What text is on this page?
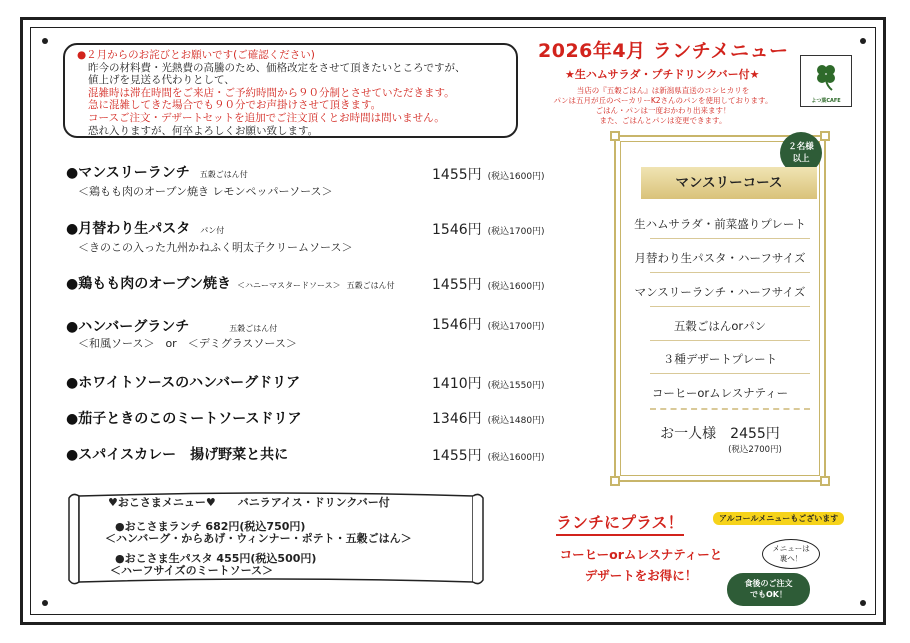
●２月からのお詫びとお願いです(ご確認ください)
昨今の材料費・光熱費の高騰のため、価格改定をさせて頂きたいところですが、
値上げを見送る代わりとして、
混雑時は滞在時間をご来店・ご予約時間から９０分制とさせていただきます。
急に混雑してきた場合でも９０分でお声掛けさせて頂きます。
コースご注文・デザートセットを追加でご注文頂くとお時間は問いません。
恐れ入りますが、何卒よろしくお願い致します。
2026年4月 ランチメニュー
★生ハムサラダ・プチドリンクバー付★
当店の『五穀ごはん』は新潟県直送のコシヒカリを
パンは五月が丘のベーカリーK2さんのパンを使用しております。
ごはん・パンは一度おかわり出来ます！
また、ごはんとパンは変更できます。
よつ葉CAFE
●マンスリーランチ 五穀ごはん付
＜鶏もも肉のオーブン焼き レモンペッパーソース＞
1455円 (税込1600円)
●月替わり生パスタ パン付
＜きのこの入った九州かねふく明太子クリームソース＞
1546円 (税込1700円)
●鶏もも肉のオーブン焼き ＜ハニーマスタードソース＞ 五穀ごはん付	1455円 (税込1600円)
●ハンバーグランチ	五穀ごはん付
＜和風ソース＞　or　＜デミグラスソース＞
1546円 (税込1700円)
●ホワイトソースのハンバーグドリア	1410円 (税込1550円)
●茄子ときのこのミートソースドリア	1346円 (税込1480円)
●スパイスカレー　揚げ野菜と共に	1455円 (税込1600円)
２名様
以上
マンスリーコース
生ハムサラダ・前菜盛りプレート
月替わり生パスタ・ハーフサイズ
マンスリーランチ・ハーフサイズ
五穀ごはんorパン
３種デザートプレート
コーヒーorムレスナティー
お一人様　2455円
(税込2700円)
♥おこさまメニュー♥　　バニラアイス・ドリンクバー付
●おこさまランチ 682円(税込750円)
＜ハンバーグ・からあげ・ウィンナー・ポテト・五穀ごはん＞
●おこさま生パスタ 455円(税込500円)
＜ハーフサイズのミートソース＞
ランチにプラス！	アルコールメニューもございます
コーヒーorムレスナティーと
デザートをお得に！
メニューは
裏へ！
食後のご注文
でもOK！
